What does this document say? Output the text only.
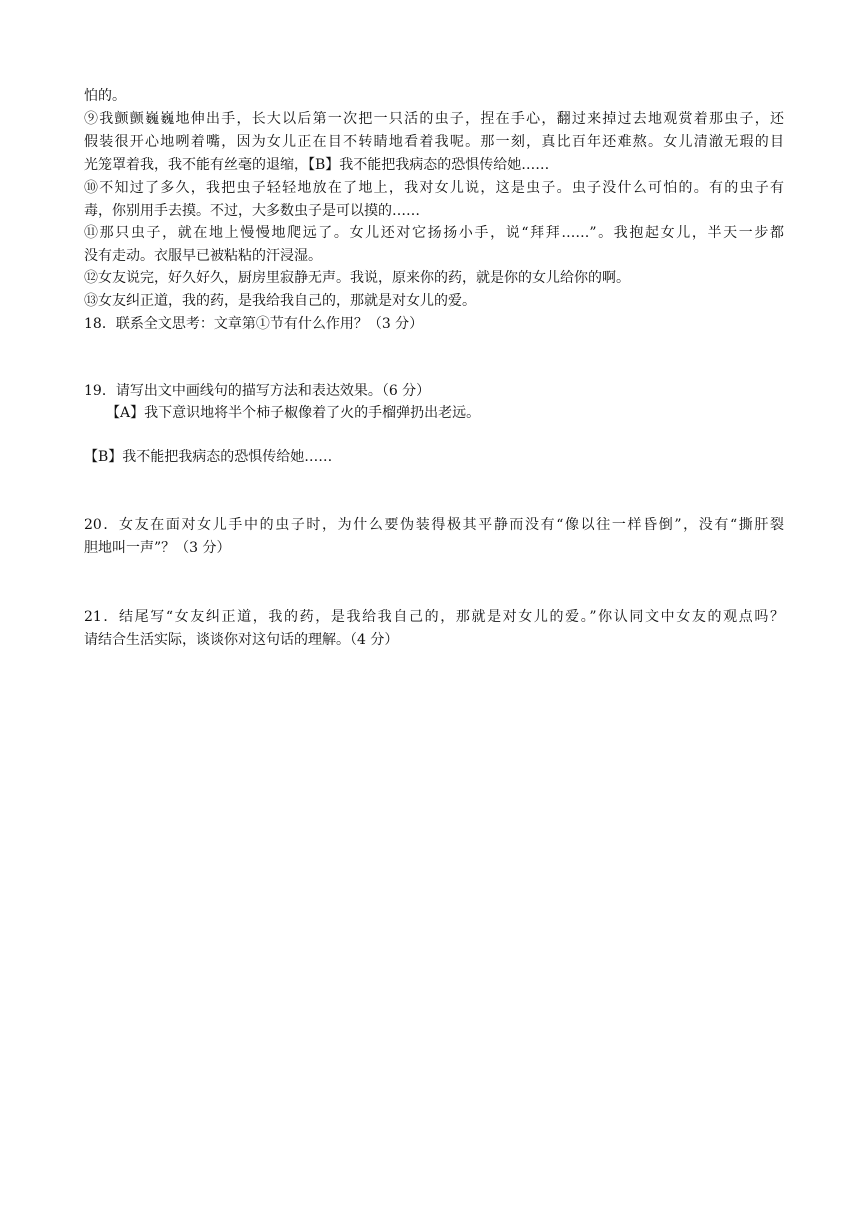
怕的。
⑨我颤颤巍巍地伸出手，长大以后第一次把一只活的虫子，捏在手心，翻过来掉过去地观赏着那虫子，还
假装很开心地咧着嘴，因为女儿正在目不转睛地看着我呢。那一刻，真比百年还难熬。女儿清澈无瑕的目
光笼罩着我，我不能有丝毫的退缩，【B】我不能把我病态的恐惧传给她……
⑩不知过了多久，我把虫子轻轻地放在了地上，我对女儿说，这是虫子。虫子没什么可怕的。有的虫子有
毒，你别用手去摸。不过，大多数虫子是可以摸的……
⑪那只虫子，就在地上慢慢地爬远了。女儿还对它扬扬小手，说“拜拜……”。我抱起女儿，半天一步都
没有走动。衣服早已被粘粘的汗浸湿。
⑫女友说完，好久好久，厨房里寂静无声。我说，原来你的药，就是你的女儿给你的啊。
⑬女友纠正道，我的药，是我给我自己的，那就是对女儿的爱。
18．联系全文思考：文章第①节有什么作用？（3 分）
19．请写出文中画线句的描写方法和表达效果。（6 分）
【A】我下意识地将半个柿子椒像着了火的手榴弹扔出老远。
【B】我不能把我病态的恐惧传给她……
20．女友在面对女儿手中的虫子时，为什么要伪装得极其平静而没有“像以往一样昏倒”，没有“撕肝裂
胆地叫一声”？（3 分）
21．结尾写“女友纠正道，我的药，是我给我自己的，那就是对女儿的爱。”你认同文中女友的观点吗？
请结合生活实际，谈谈你对这句话的理解。（4 分）
